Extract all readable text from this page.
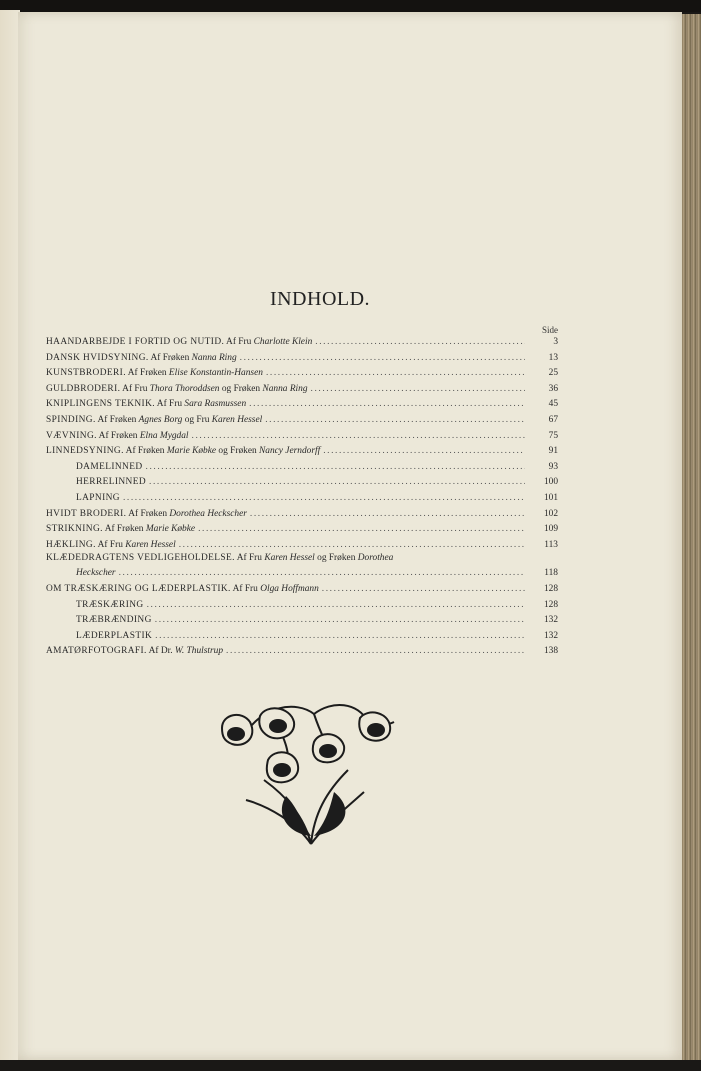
INDHOLD.
Side
HAANDARBEJDE I FORTID OG NUTID. Af Fru Charlotte Klein .....	3
DANSK HVIDSYNING. Af Frøken Nanna Ring .....	13
KUNSTBRODERI. Af Frøken Elise Konstantin-Hansen .....	25
GULDBRODERI. Af Fru Thora Thoroddsen og Frøken Nanna Ring .....	36
KNIPLINGENS TEKNIK. Af Fru Sara Rasmussen .....	45
SPINDING. Af Frøken Agnes Borg og Fru Karen Hessel .....	67
VÆVNING. Af Frøken Elna Mygdal .....	75
LINNEDSYNING. Af Frøken Marie Købke og Frøken Nancy Jerndorff .....	91
DAMELINNED .....	93
HERRELINNED .....	100
LAPNING .....	101
HVIDT BRODERI. Af Frøken Dorothea Heckscher .....	102
STRIKNING. Af Frøken Marie Købke .....	109
HÆKLING. Af Fru Karen Hessel .....	113
KLÆDEDRAGTENS VEDLIGEHOLDELSE. Af Fru Karen Hessel og Frøken Dorothea
Heckscher .....	118
OM TRÆSKÆRING OG LÆDERPLASTIK. Af Fru Olga Hoffmann .....	128
TRÆSKÆRING .....	128
TRÆBRÆNDING .....	132
LÆDERPLASTIK .....	132
AMATØRFOTOGRAFI. Af Dr. W. Thulstrup .....	138
